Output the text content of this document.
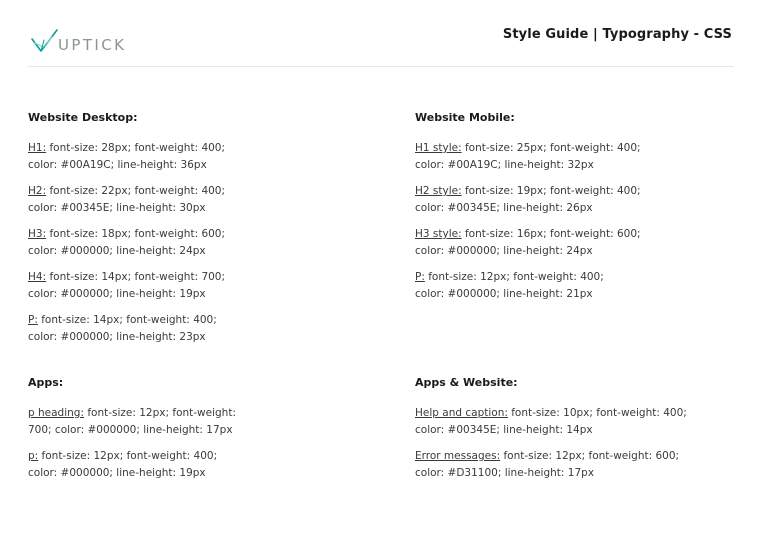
UPTICK
Style Guide | Typography - CSS
Website Desktop:
H1: font-size: 28px; font-weight: 400;
color: #00A19C; line-height: 36px
H2: font-size: 22px; font-weight: 400;
color: #00345E; line-height: 30px
H3: font-size: 18px; font-weight: 600;
color: #000000; line-height: 24px
H4: font-size: 14px; font-weight: 700;
color: #000000; line-height: 19px
P: font-size: 14px; font-weight: 400;
color: #000000; line-height: 23px
Website Mobile:
H1 style: font-size: 25px; font-weight: 400;
color: #00A19C; line-height: 32px
H2 style: font-size: 19px; font-weight: 400;
color: #00345E; line-height: 26px
H3 style: font-size: 16px; font-weight: 600;
color: #000000; line-height: 24px
P: font-size: 12px; font-weight: 400;
color: #000000; line-height: 21px
Apps:
p heading: font-size: 12px; font-weight:
700; color: #000000; line-height: 17px
p: font-size: 12px; font-weight: 400;
color: #000000; line-height: 19px
Apps & Website:
Help and caption: font-size: 10px; font-weight: 400;
color: #00345E; line-height: 14px
Error messages: font-size: 12px; font-weight: 600;
color: #D31100; line-height: 17px
